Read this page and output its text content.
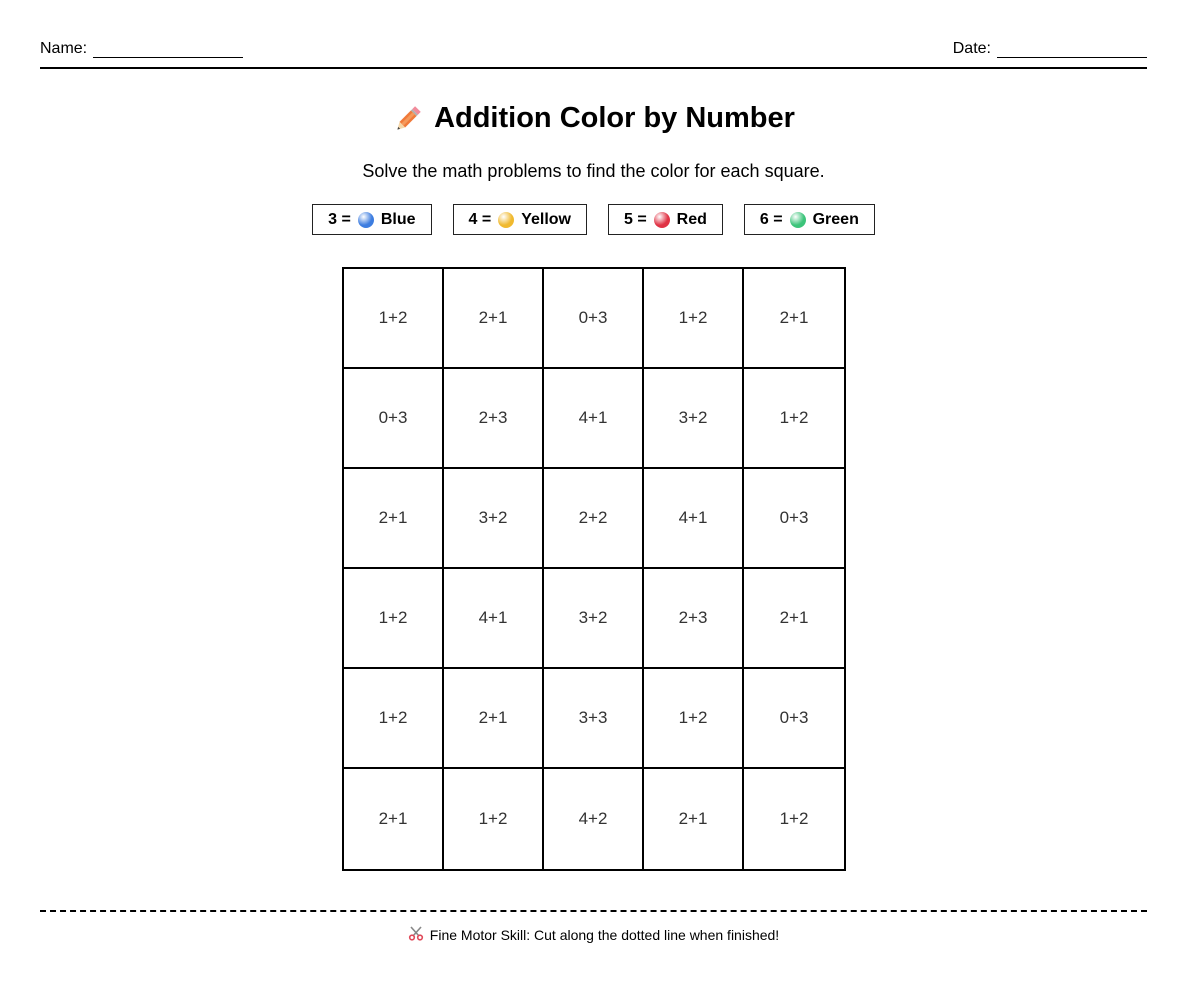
Name:	Date:
Addition Color by Number
Solve the math problems to find the color for each square.
3 = Blue	4 = Yellow	5 = Red	6 = Green
1+2	2+1	0+3	1+2	2+1
0+3	2+3	4+1	3+2	1+2
2+1	3+2	2+2	4+1	0+3
1+2	4+1	3+2	2+3	2+1
1+2	2+1	3+3	1+2	0+3
2+1	1+2	4+2	2+1	1+2
Fine Motor Skill: Cut along the dotted line when finished!
